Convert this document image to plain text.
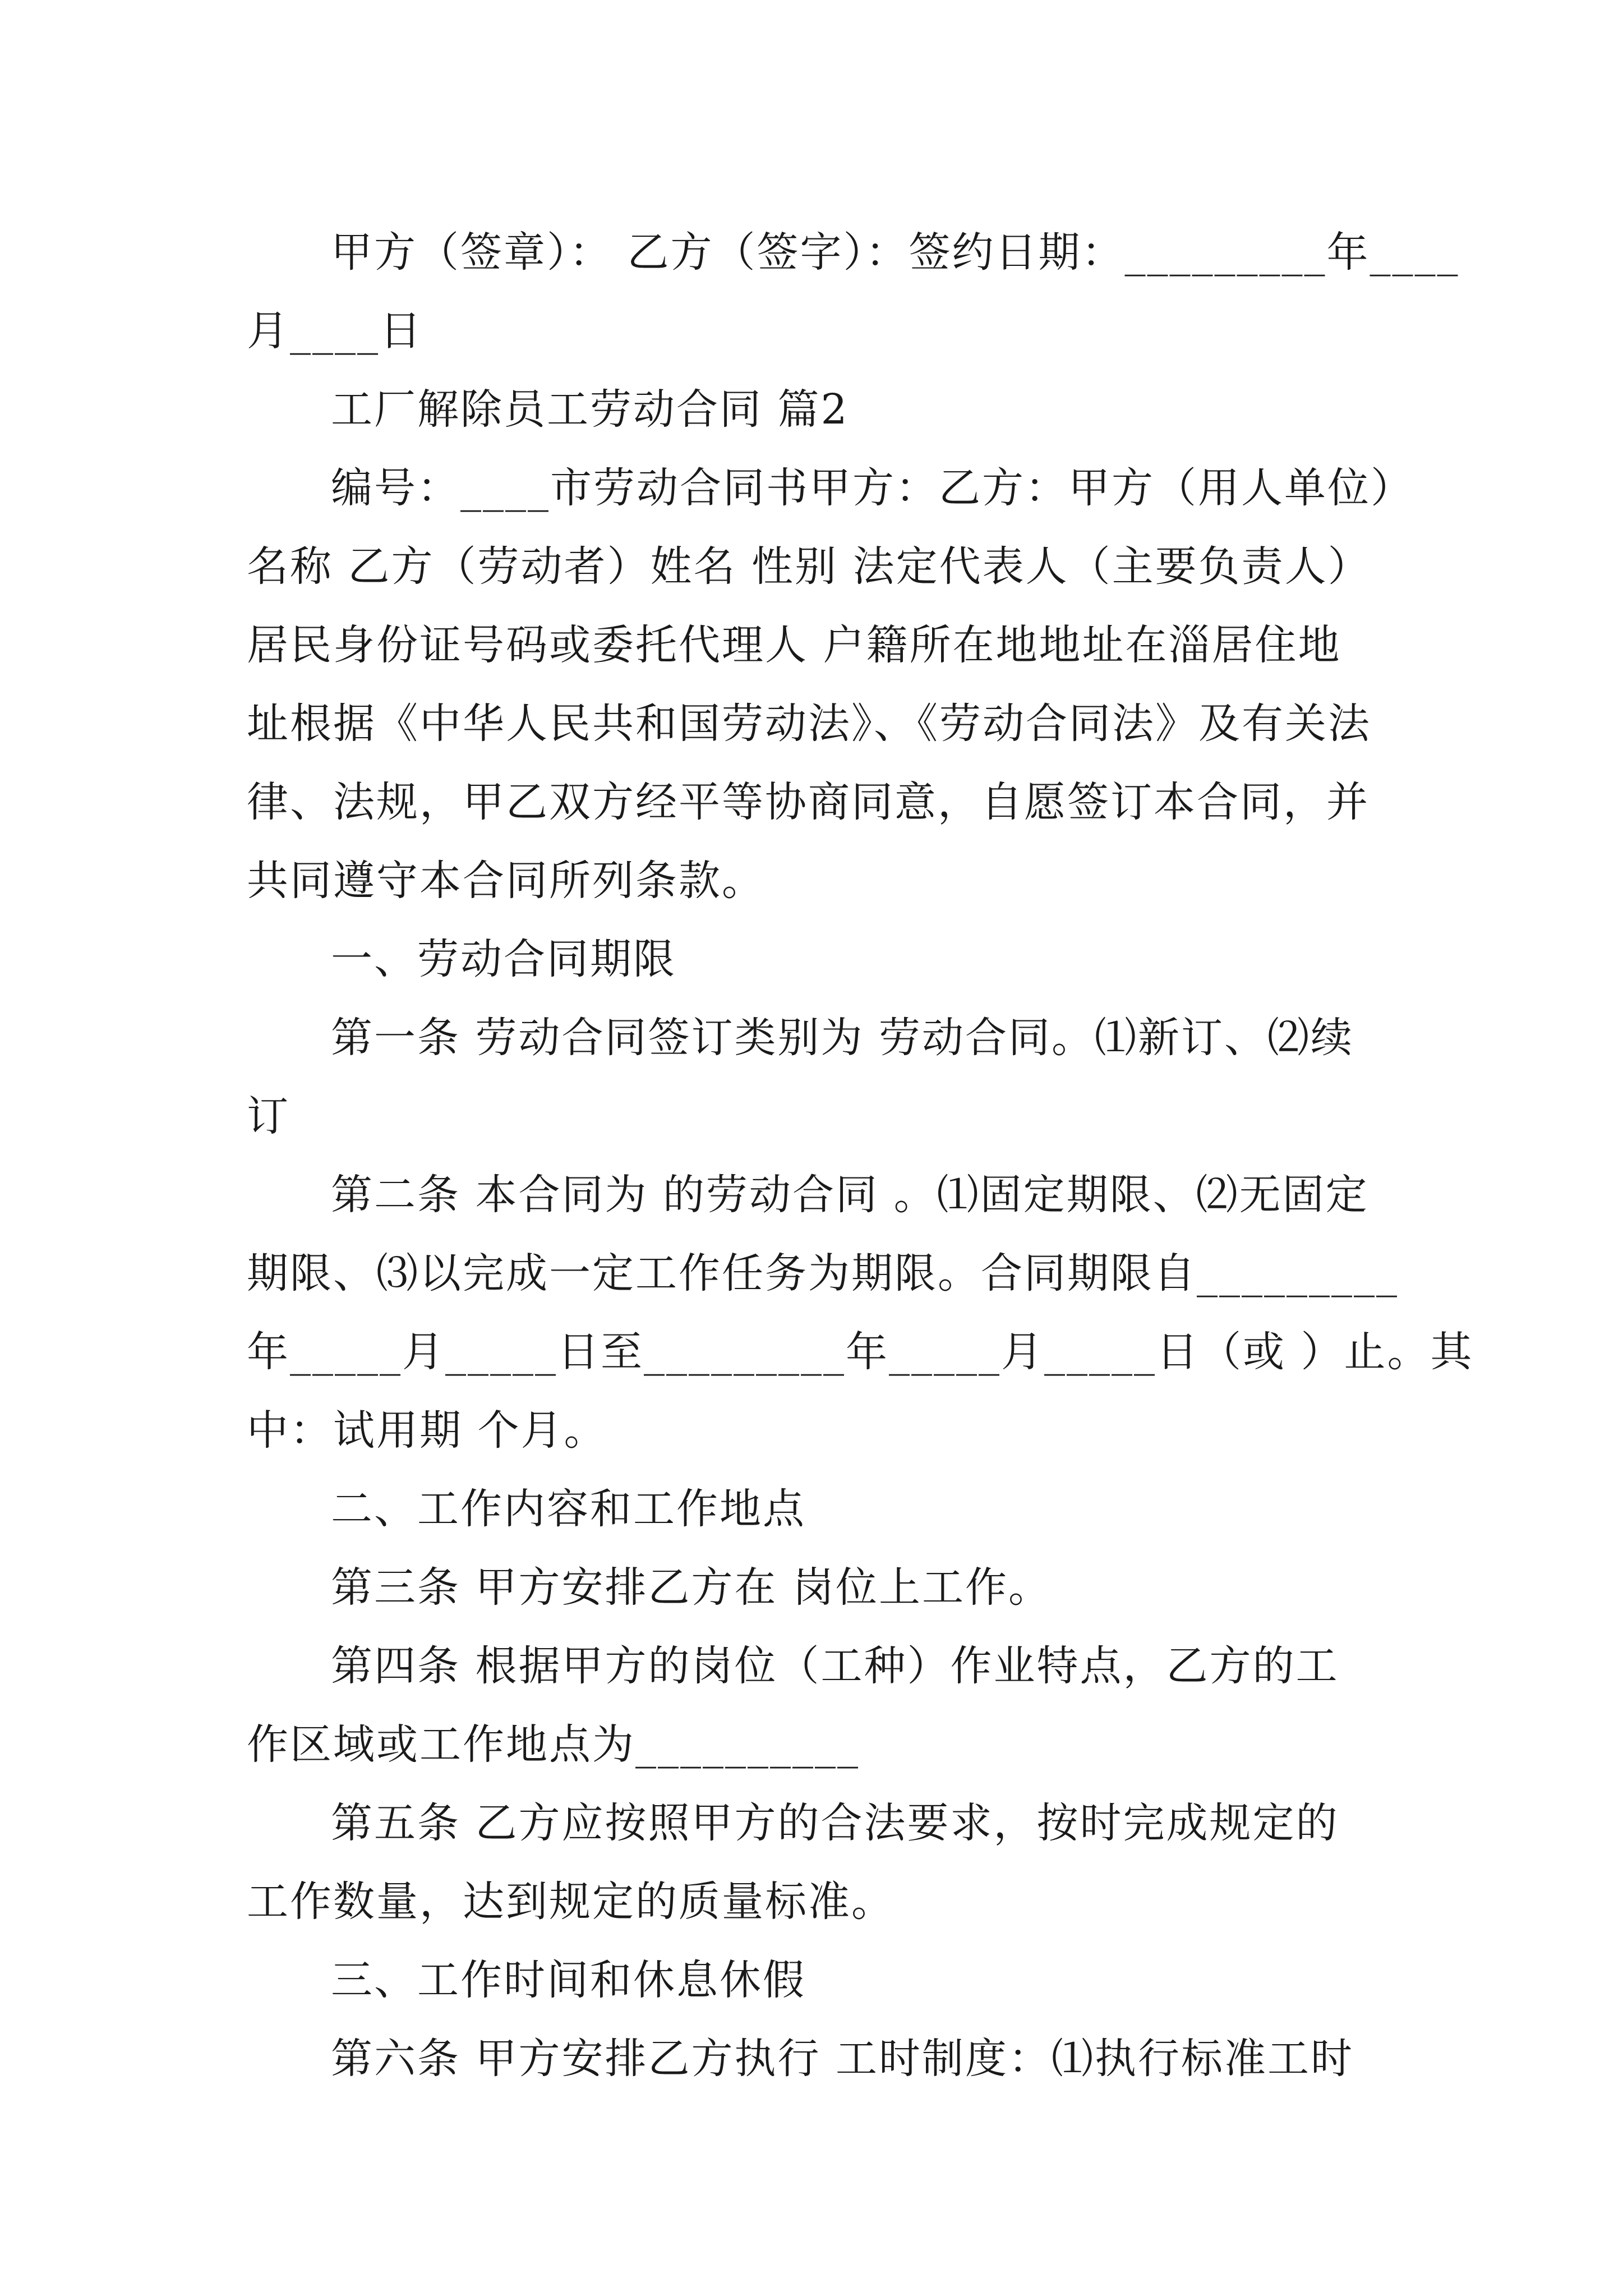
甲方（签章）： 乙方（签字）：签约日期：_________年____
月____日
工厂解除员工劳动合同 篇2
编号：____市劳动合同书甲方：乙方：甲方（用人单位）
名称 乙方（劳动者）姓名 性别 法定代表人（主要负责人）
居民身份证号码或委托代理人 户籍所在地地址在淄居住地
址根据《中华人民共和国劳动法》、《劳动合同法》及有关法
律、法规，甲乙双方经平等协商同意，自愿签订本合同，并
共同遵守本合同所列条款。
一、劳动合同期限
第一条 劳动合同签订类别为 劳动合同。⑴新订、⑵续
订
第二条 本合同为 的劳动合同 。⑴固定期限、⑵无固定
期限、⑶以完成一定工作任务为期限。合同期限自_________
年_____月_____日至_________年_____月_____日（或 ）止。其
中：试用期 个月。
二、工作内容和工作地点
第三条 甲方安排乙方在 岗位上工作。
第四条 根据甲方的岗位（工种）作业特点，乙方的工
作区域或工作地点为__________
第五条 乙方应按照甲方的合法要求，按时完成规定的
工作数量，达到规定的质量标准。
三、工作时间和休息休假
第六条 甲方安排乙方执行 工时制度：⑴执行标准工时
